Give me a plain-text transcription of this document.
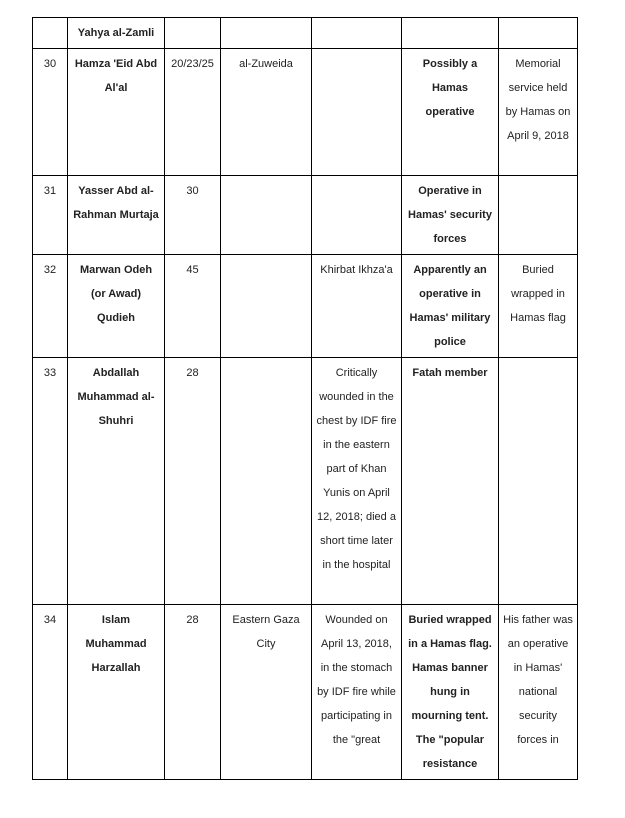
	Yahya al-Zamli					
30	Hamza 'Eid Abd Al'al	20/23/25	al-Zuweida		Possibly a Hamas operative	Memorial service held by Hamas on April 9, 2018
31	Yasser Abd al-Rahman Murtaja	30			Operative in Hamas' security forces	
32	Marwan Odeh (or Awad) Qudieh	45		Khirbat Ikhza'a	Apparently an operative in Hamas' military police	Buried wrapped in Hamas flag
33	Abdallah Muhammad al-Shuhri	28		Critically wounded in the chest by IDF fire in the eastern part of Khan Yunis on April 12, 2018; died a short time later in the hospital	Fatah member	
34	Islam Muhammad Harzallah	28	Eastern Gaza City	Wounded on April 13, 2018, in the stomach by IDF fire while participating in the "great	Buried wrapped in a Hamas flag. Hamas banner hung in mourning tent. The "popular resistance	His father was an operative in Hamas' national security forces in
